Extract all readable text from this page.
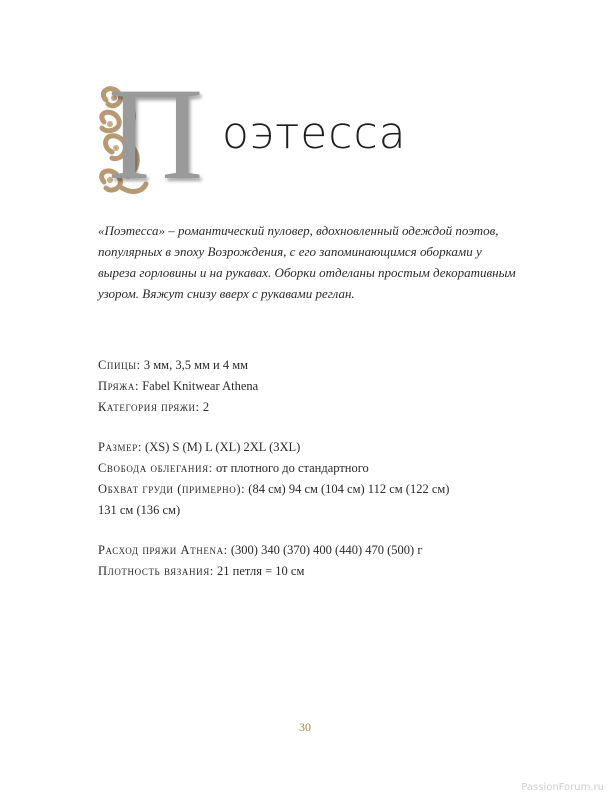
П оэтесса
«Поэтесса» – романтический пуловер, вдохновленный одеждой поэтов, популярных в эпоху Возрождения, с его запоминающимся оборками у выреза горловины и на рукавах. Оборки отделаны простым декоративным узором. Вяжут снизу вверх с рукавами реглан.
Спицы: 3 мм, 3,5 мм и 4 мм
Пряжа: Fabel Knitwear Athena
Категория пряжи: 2
Размер: (XS) S (M) L (XL) 2XL (3XL)
Свобода облегания: от плотного до стандартного
Обхват груди (примерно): (84 см) 94 см (104 см) 112 см (122 см)
131 см (136 см)
Расход пряжи Athena: (300) 340 (370) 400 (440) 470 (500) г
Плотность вязания: 21 петля = 10 см
30
PassionForum.ru
